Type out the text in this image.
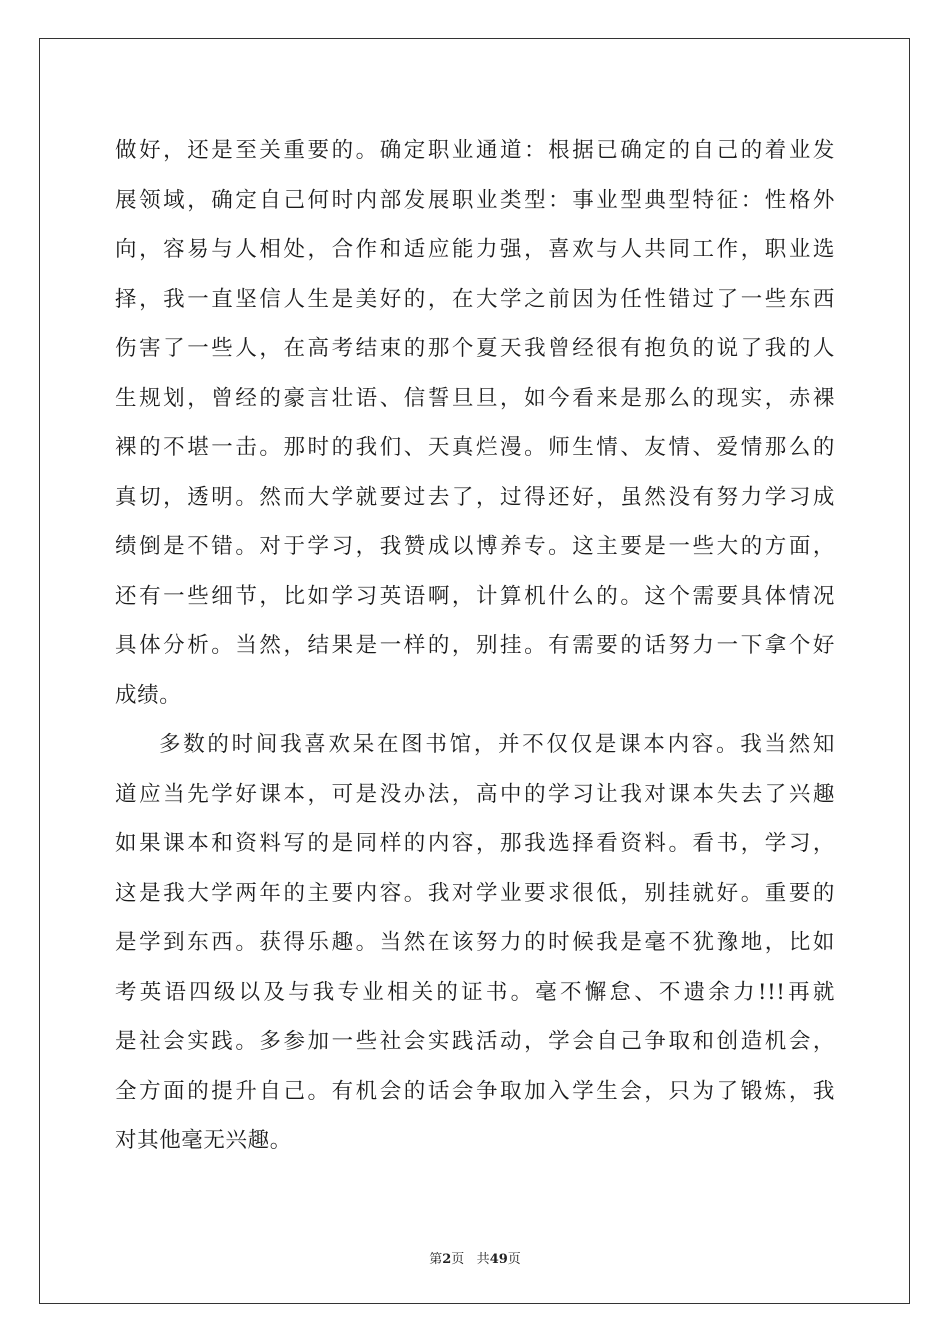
做好，还是至关重要的。确定职业通道：根据已确定的自己的着业发
展领域，确定自己何时内部发展职业类型：事业型典型特征：性格外
向，容易与人相处，合作和适应能力强，喜欢与人共同工作，职业选
择，我一直坚信人生是美好的，在大学之前因为任性错过了一些东西
伤害了一些人，在高考结束的那个夏天我曾经很有抱负的说了我的人
生规划，曾经的豪言壮语、信誓旦旦，如今看来是那么的现实，赤裸
裸的不堪一击。那时的我们、天真烂漫。师生情、友情、爱情那么的
真切，透明。然而大学就要过去了，过得还好，虽然没有努力学习成
绩倒是不错。对于学习，我赞成以博养专。这主要是一些大的方面，
还有一些细节，比如学习英语啊，计算机什么的。这个需要具体情况
具体分析。当然，结果是一样的，别挂。有需要的话努力一下拿个好
成绩。
多数的时间我喜欢呆在图书馆，并不仅仅是课本内容。我当然知
道应当先学好课本，可是没办法，高中的学习让我对课本失去了兴趣
如果课本和资料写的是同样的内容，那我选择看资料。看书，学习，
这是我大学两年的主要内容。我对学业要求很低，别挂就好。重要的
是学到东西。获得乐趣。当然在该努力的时候我是毫不犹豫地，比如
考英语四级以及与我专业相关的证书。毫不懈怠、不遗余力!!!再就
是社会实践。多参加一些社会实践活动，学会自己争取和创造机会，
全方面的提升自己。有机会的话会争取加入学生会，只为了锻炼，我
对其他毫无兴趣。
第2页 共49页
